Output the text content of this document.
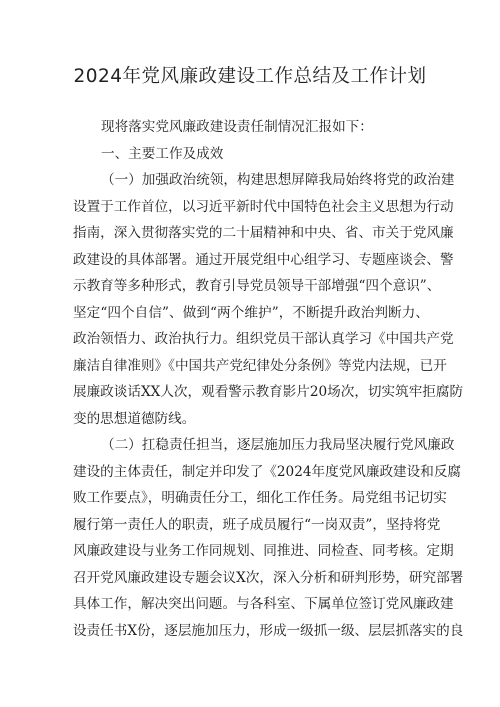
2024年党风廉政建设工作总结及工作计划
现将落实党风廉政建设责任制情况汇报如下：
一、主要工作及成效
（一）加强政治统领，构建思想屏障我局始终将党的政治建
设置于工作首位，以习近平新时代中国特色社会主义思想为行动
指南，深入贯彻落实党的二十届精神和中央、省、市关于党风廉
政建设的具体部署。通过开展党组中心组学习、专题座谈会、警
示教育等多种形式，教育引导党员领导干部增强“四个意识”、
坚定“四个自信”、做到“两个维护”，不断提升政治判断力、
政治领悟力、政治执行力。组织党员干部认真学习《中国共产党
廉洁自律准则》《中国共产党纪律处分条例》等党内法规，已开
展廉政谈话XX人次，观看警示教育影片20场次，切实筑牢拒腐防
变的思想道德防线。
（二）扛稳责任担当，逐层施加压力我局坚决履行党风廉政
建设的主体责任，制定并印发了《2024年度党风廉政建设和反腐
败工作要点》，明确责任分工，细化工作任务。局党组书记切实
履行第一责任人的职责，班子成员履行“一岗双责”，坚持将党
风廉政建设与业务工作同规划、同推进、同检查、同考核。定期
召开党风廉政建设专题会议X次，深入分析和研判形势，研究部署
具体工作，解决突出问题。与各科室、下属单位签订党风廉政建
设责任书X份，逐层施加压力，形成一级抓一级、层层抓落实的良
